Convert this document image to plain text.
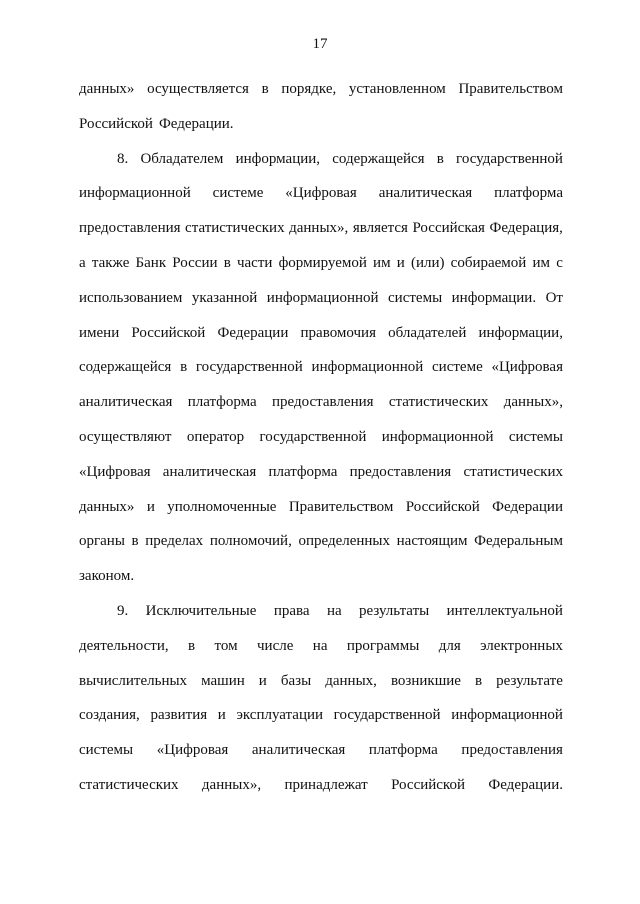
17
данных» осуществляется в порядке, установленном Правительством
Российской Федерации.
8. Обладателем информации, содержащейся в государственной
информационной системе «Цифровая аналитическая платформа
предоставления статистических данных», является Российская Федерация,
а также Банк России в части формируемой им и (или) собираемой им с
использованием указанной информационной системы информации. От
имени Российской Федерации правомочия обладателей информации,
содержащейся в государственной информационной системе «Цифровая
аналитическая платформа предоставления статистических данных»,
осуществляют оператор государственной информационной системы
«Цифровая аналитическая платформа предоставления статистических
данных» и уполномоченные Правительством Российской Федерации
органы в пределах полномочий, определенных настоящим Федеральным
законом.
9. Исключительные права на результаты интеллектуальной
деятельности, в том числе на программы для электронных
вычислительных машин и базы данных, возникшие в результате
создания, развития и эксплуатации государственной информационной
системы «Цифровая аналитическая платформа предоставления
статистических данных», принадлежат Российской Федерации.
